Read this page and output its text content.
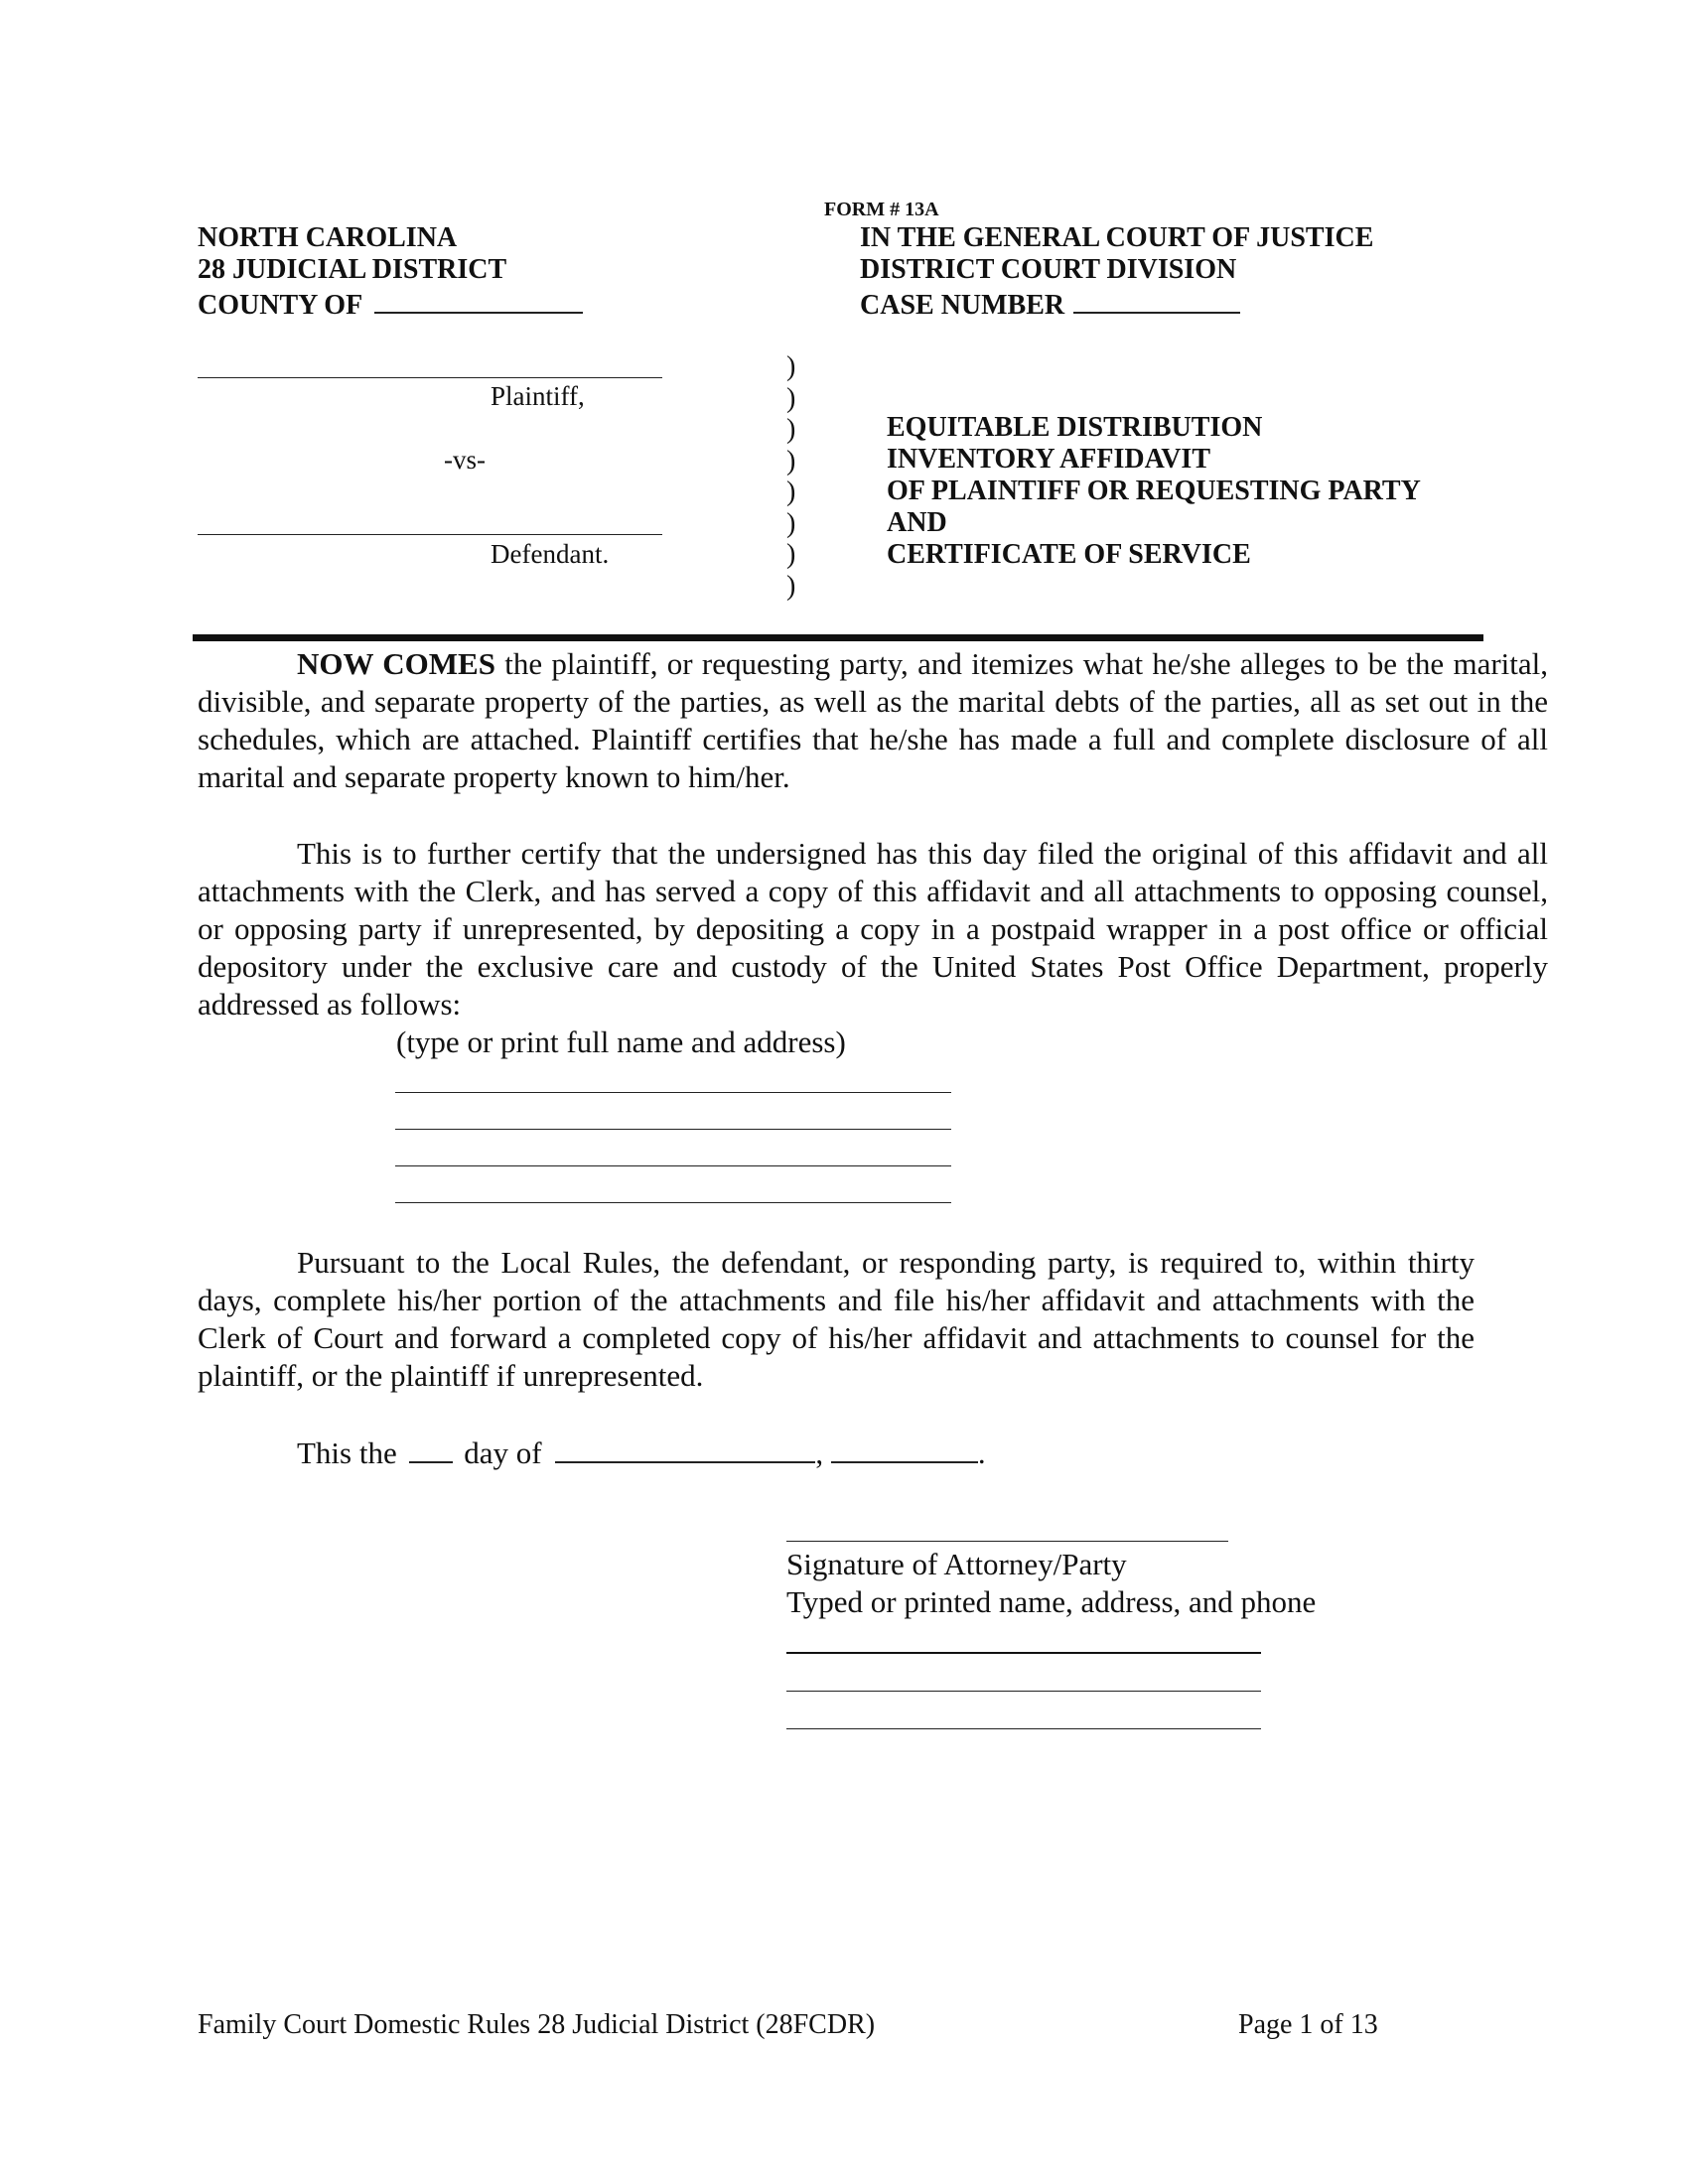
FORM # 13A
NORTH CAROLINA
28 JUDICIAL DISTRICT
COUNTY OF
IN THE GENERAL COURT OF JUSTICE
DISTRICT COURT DIVISION
CASE NUMBER
Plaintiff,
-vs-
Defendant.
)
)
)
)
)
)
)
)
EQUITABLE DISTRIBUTION
INVENTORY AFFIDAVIT
OF PLAINTIFF OR REQUESTING PARTY
AND
CERTIFICATE OF SERVICE

NOW COMES the plaintiff, or requesting party, and itemizes what he/she alleges to be the marital, divisible, and separate property of the parties, as well as the marital debts of the parties, all as set out in the schedules, which are attached. Plaintiff certifies that he/she has made a full and complete disclosure of all marital and separate property known to him/her.

This is to further certify that the undersigned has this day filed the original of this affidavit and all attachments with the Clerk, and has served a copy of this affidavit and all attachments to opposing counsel, or opposing party if unrepresented, by depositing a copy in a postpaid wrapper in a post office or official depository under the exclusive care and custody of the United States Post Office Department, properly addressed as follows:

(type or print full name and address)

Pursuant to the Local Rules, the defendant, or responding party, is required to, within thirty days, complete his/her portion of the attachments and file his/her affidavit and attachments with the Clerk of Court and forward a completed copy of his/her affidavit and attachments to counsel for the plaintiff, or the plaintiff if unrepresented.

This the day of	,	.
Signature of Attorney/Party
Typed or printed name, address, and phone
Family Court Domestic Rules 28 Judicial District (28FCDR)	Page 1 of 13
